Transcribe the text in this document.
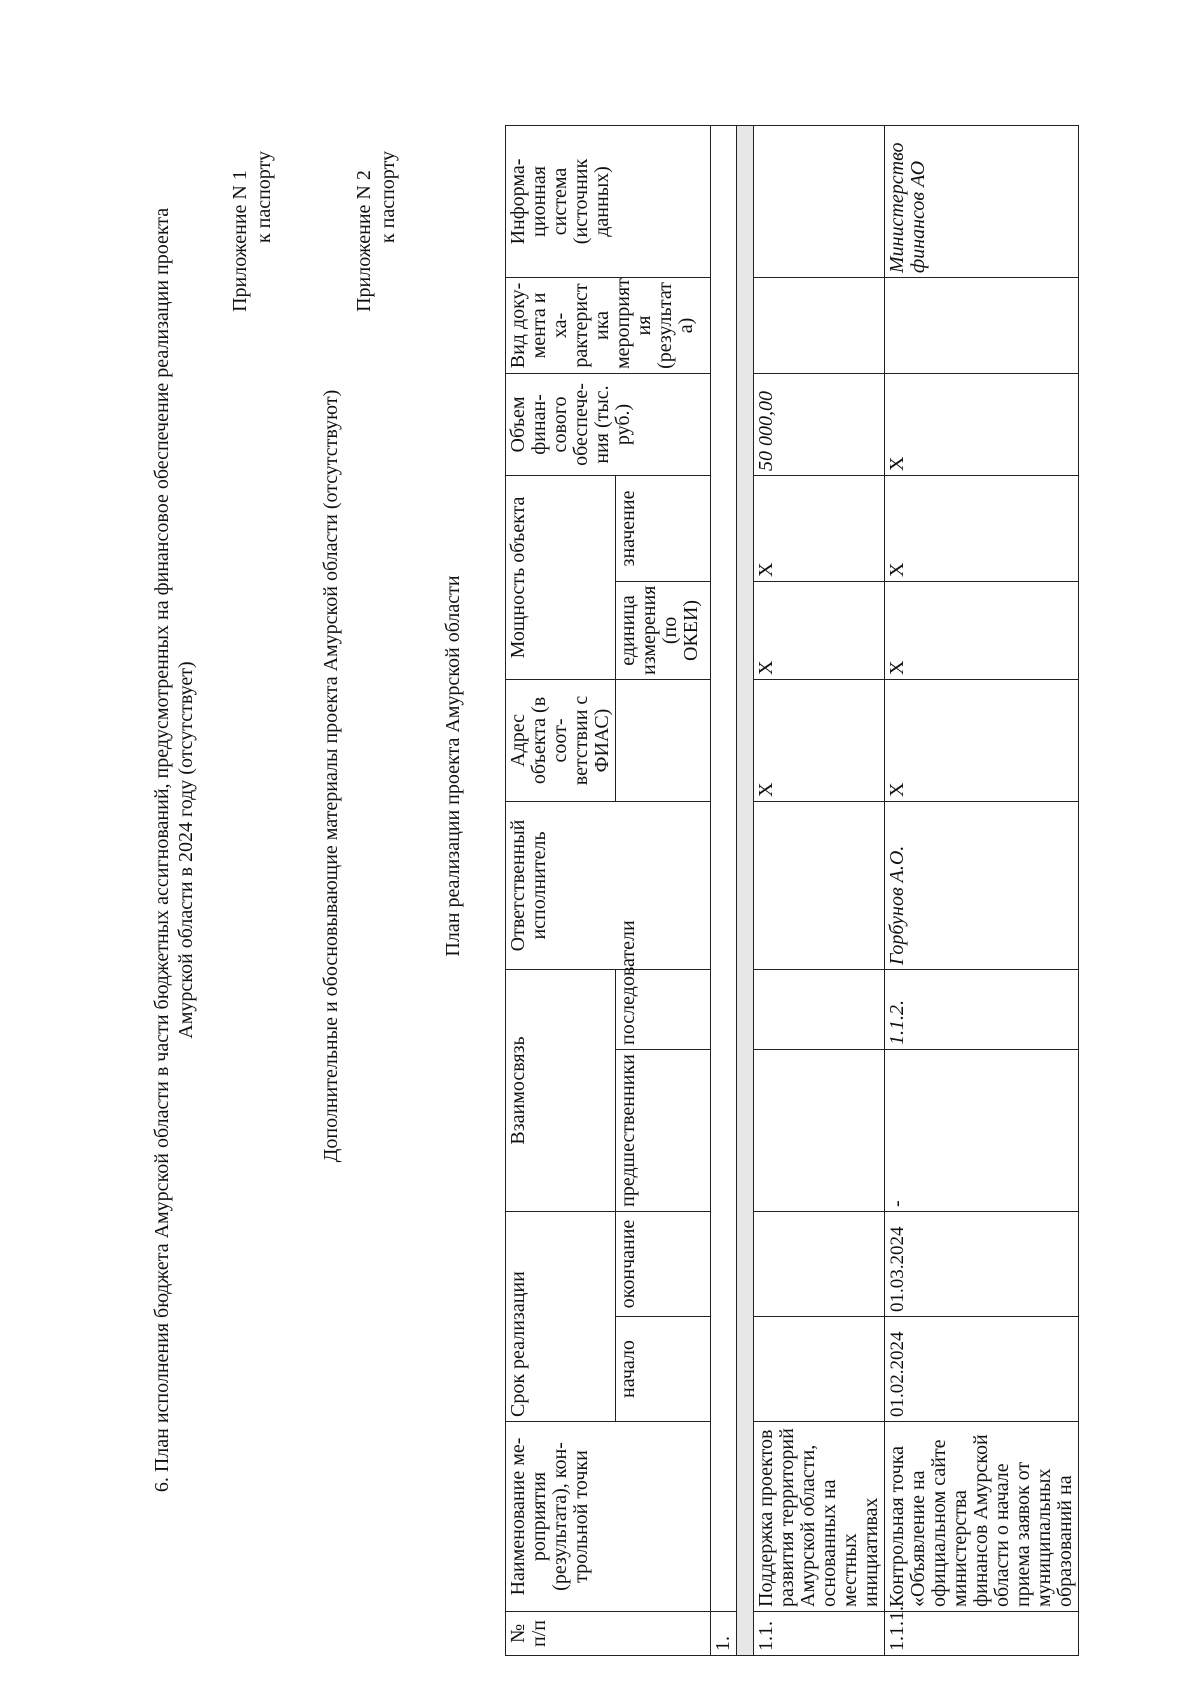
6. План исполнения бюджета Амурской области в части бюджетных ассигнований, предусмотренных на финансовое обеспечение реализации проекта Амурской области в 2024 году (отсутствует)
Приложение N 1 к паспорту
Дополнительные и обосновывающие материалы проекта Амурской области (отсутствуют)
Приложение N 2 к паспорту
План реализации проекта Амурской области
№ п/п	Наименование ме-роприятия (результата), кон-трольной точки	Срок реализации		Взаимосвязь		Ответственный исполнитель	Адрес объекта (в соот-ветствии с ФИАС)	Мощность объекта		Объем финан-сового обеспече-ния (тыс. руб.)	Вид доку-мента и ха-рактерист ика мероприят ия (результат а)	Информа-ционная система (источник данных)
		начало	окончание	предшественники	последователи			единица измерения (по ОКЕИ)	значение			
1.												

1.1.	Поддержка проектов развития территорий Амурской области, основанных на местных инициативах						Х	Х	Х	50 000,00		
1.1.1.	Контрольная точка «Объявление на официальном сайте министерства финансов Амурской области о начале приема заявок от муниципальных образований на	01.02.2024	01.03.2024	-	1.1.2.	Горбунов А.О.	Х	Х	Х	Х		Министерство финансов АО
